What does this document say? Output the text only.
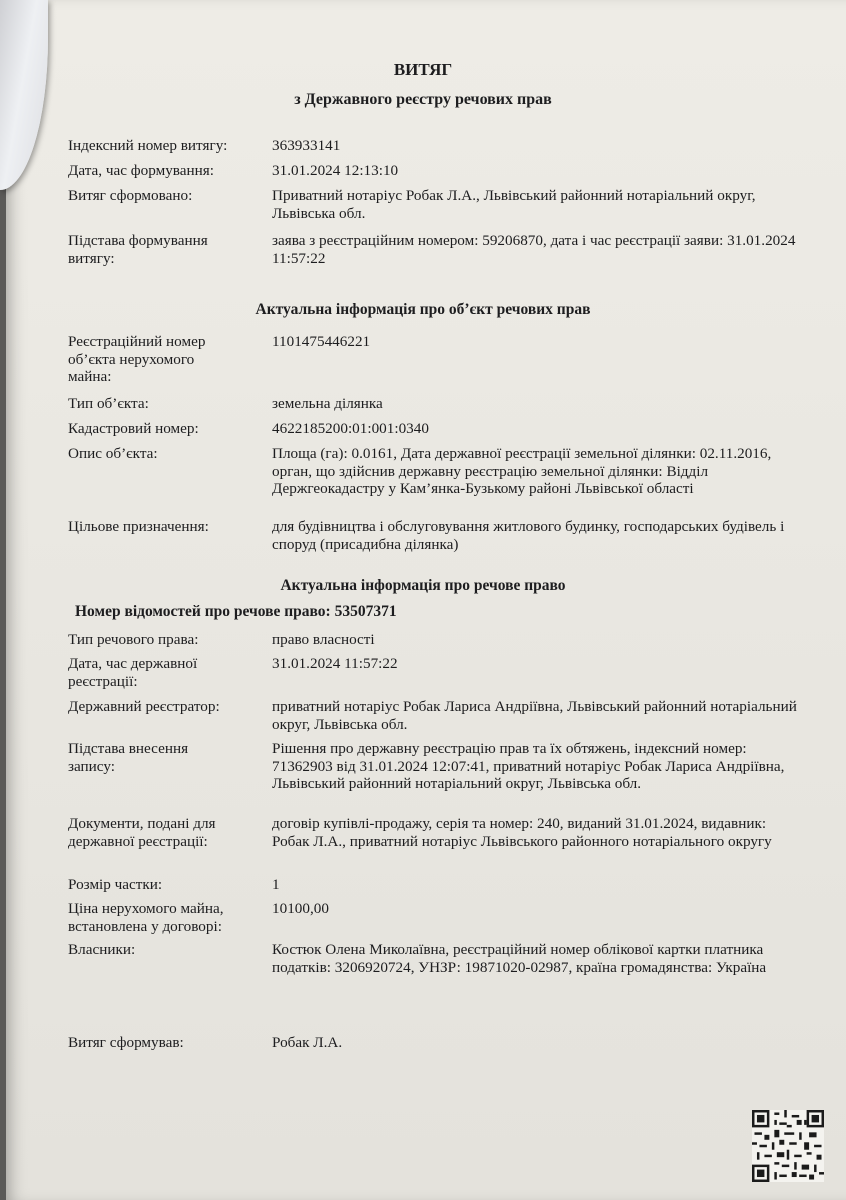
ВИТЯГ
з Державного реєстру речових прав
Індексний номер витягу:	363933141
Дата, час формування:	31.01.2024 12:13:10
Витяг сформовано:	Приватний нотаріус Робак Л.А., Львівський районний нотаріальний округ, Львівська обл.
Підстава формування витягу:
заява з реєстраційним номером: 59206870, дата і час реєстрації заяви: 31.01.2024 11:57:22
Актуальна інформація про об’єкт речових прав
Реєстраційний номер об’єкта нерухомого майна:
1101475446221
Тип об’єкта:	земельна ділянка
Кадастровий номер:	4622185200:01:001:0340
Опис об’єкта:	Площа (га): 0.0161, Дата державної реєстрації земельної ділянки: 02.11.2016, орган, що здійснив державну реєстрацію земельної ділянки: Відділ Держгеокадастру у Кам’янка-Бузькому районі Львівської області
Цільове призначення:	для будівництва і обслуговування житлового будинку, господарських будівель і споруд (присадибна ділянка)
Актуальна інформація про речове право
Номер відомостей про речове право: 53507371
Тип речового права:	право власності
Дата, час державної реєстрації:
31.01.2024 11:57:22
Державний реєстратор:	приватний нотаріус Робак Лариса Андріївна, Львівський районний нотаріальний округ, Львівська обл.
Підстава внесення запису:
Рішення про державну реєстрацію прав та їх обтяжень, індексний номер: 71362903 від 31.01.2024 12:07:41, приватний нотаріус Робак Лариса Андріївна, Львівський районний нотаріальний округ, Львівська обл.
Документи, подані для державної реєстрації:
договір купівлі-продажу, серія та номер: 240, виданий 31.01.2024, видавник: Робак Л.А., приватний нотаріус Львівського районного нотаріального округу
Розмір частки:	1
Ціна нерухомого майна, встановлена у договорі:
10100,00
Власники:	Костюк Олена Миколаївна, реєстраційний номер облікової картки платника податків: 3206920724, УНЗР: 19871020-02987, країна громадянства: Україна
Витяг сформував:	Робак Л.А.
